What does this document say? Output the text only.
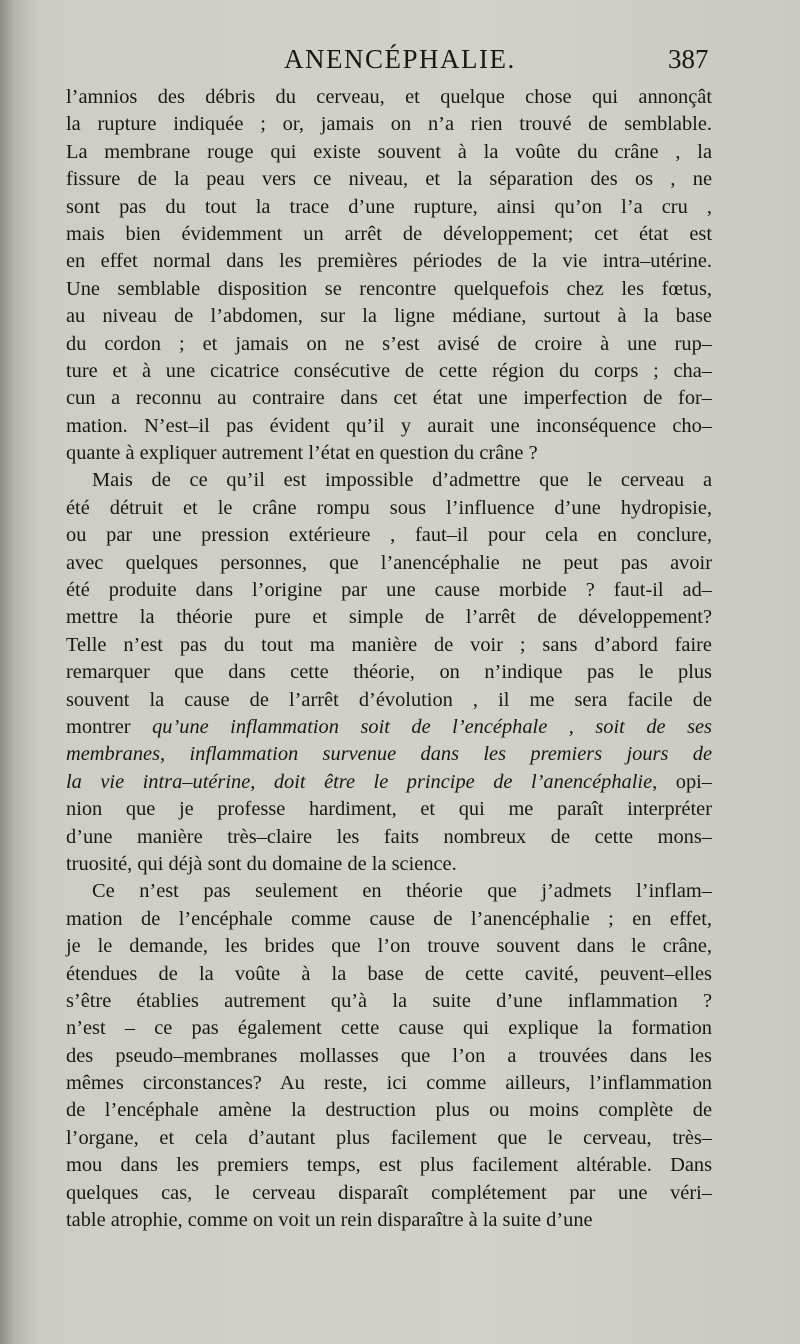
ANENCÉPHALIE.	387
l’amnios des débris du cerveau, et quelque chose qui annonçât
la rupture indiquée ; or, jamais on n’a rien trouvé de semblable.
La membrane rouge qui existe souvent à la voûte du crâne , la
fissure de la peau vers ce niveau, et la séparation des os , ne
sont pas du tout la trace d’une rupture, ainsi qu’on l’a cru ,
mais bien évidemment un arrêt de développement; cet état est
en effet normal dans les premières périodes de la vie intra–utérine.
Une semblable disposition se rencontre quelquefois chez les fœtus,
au niveau de l’abdomen, sur la ligne médiane, surtout à la base
du cordon ; et jamais on ne s’est avisé de croire à une rup–
ture et à une cicatrice consécutive de cette région du corps ; cha–
cun a reconnu au contraire dans cet état une imperfection de for–
mation. N’est–il pas évident qu’il y aurait une inconséquence cho–
quante à expliquer autrement l’état en question du crâne ?
Mais de ce qu’il est impossible d’admettre que le cerveau a
été détruit et le crâne rompu sous l’influence d’une hydropisie,
ou par une pression extérieure , faut–il pour cela en conclure,
avec quelques personnes, que l’anencéphalie ne peut pas avoir
été produite dans l’origine par une cause morbide ? faut-il ad–
mettre la théorie pure et simple de l’arrêt de développement?
Telle n’est pas du tout ma manière de voir ; sans d’abord faire
remarquer que dans cette théorie, on n’indique pas le plus
souvent la cause de l’arrêt d’évolution , il me sera facile de
montrer qu’une inflammation soit de l’encéphale , soit de ses
membranes, inflammation survenue dans les premiers jours de
la vie intra–utérine, doit être le principe de l’anencéphalie, opi–
nion que je professe hardiment, et qui me paraît interpréter
d’une manière très–claire les faits nombreux de cette mons–
truosité, qui déjà sont du domaine de la science.
Ce n’est pas seulement en théorie que j’admets l’inflam–
mation de l’encéphale comme cause de l’anencéphalie ; en effet,
je le demande, les brides que l’on trouve souvent dans le crâne,
étendues de la voûte à la base de cette cavité, peuvent–elles
s’être établies autrement qu’à la suite d’une inflammation ?
n’est – ce pas également cette cause qui explique la formation
des pseudo–membranes mollasses que l’on a trouvées dans les
mêmes circonstances? Au reste, ici comme ailleurs, l’inflammation
de l’encéphale amène la destruction plus ou moins complète de
l’organe, et cela d’autant plus facilement que le cerveau, très–
mou dans les premiers temps, est plus facilement altérable. Dans
quelques cas, le cerveau disparaît complétement par une véri–
table atrophie, comme on voit un rein disparaître à la suite d’une
